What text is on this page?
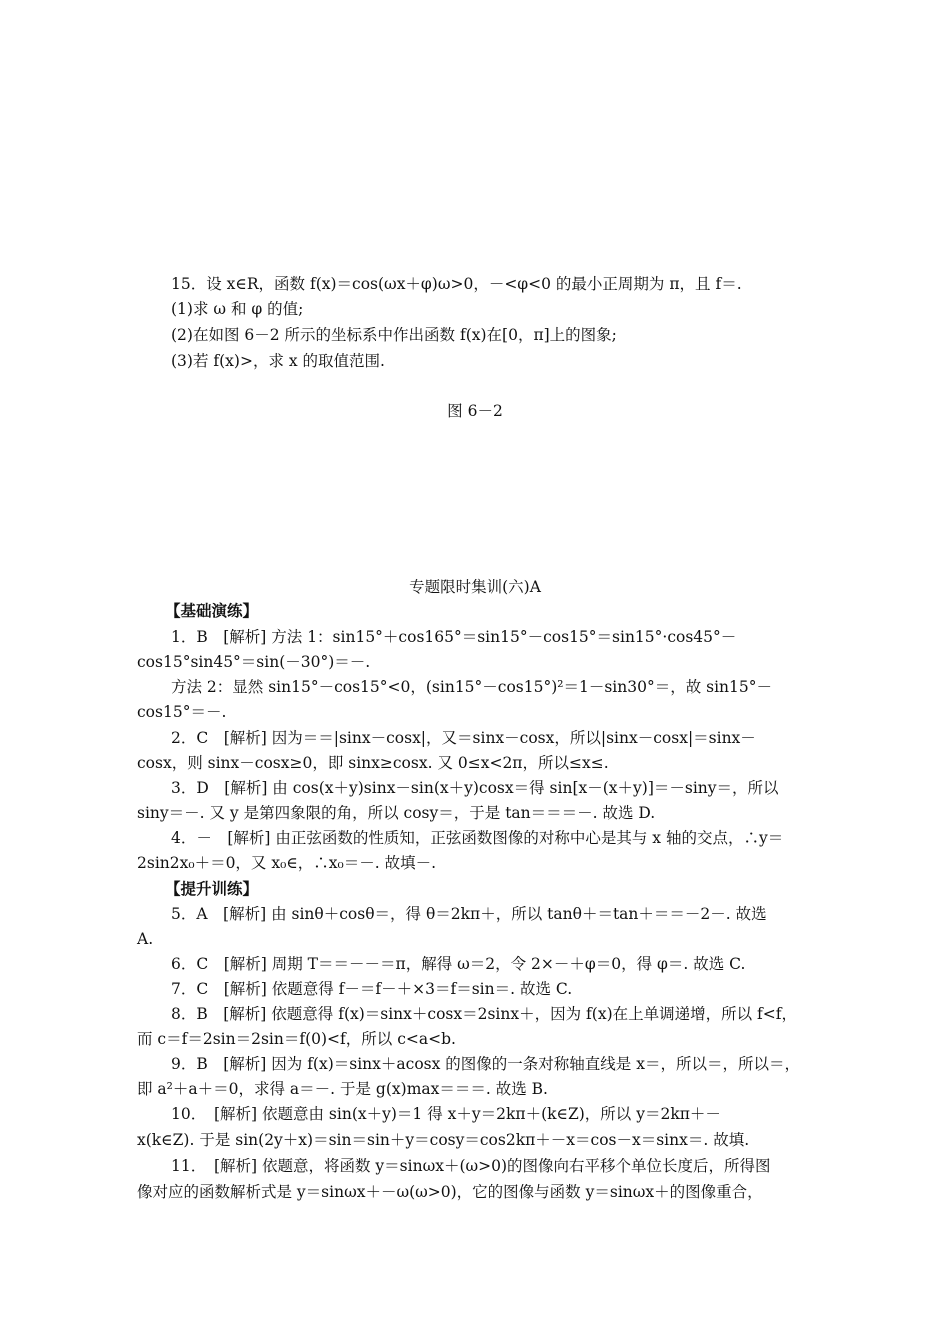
15．设 x∈R，函数 f(x)＝cos(ωx＋φ)ω>0，－<φ<0 的最小正周期为 π，且 f＝.
(1)求 ω 和 φ 的值;
(2)在如图 6－2 所示的坐标系中作出函数 f(x)在[0，π]上的图象;
(3)若 f(x)>，求 x 的取值范围.
图 6－2
专题限时集训(六)A
【基础演练】
1．B　[解析] 方法 1：sin15°＋cos165°＝sin15°－cos15°＝sin15°·cos45°－
cos15°sin45°＝sin(－30°)＝－.
方法 2：显然 sin15°－cos15°<0，(sin15°－cos15°)²＝1－sin30°＝，故 sin15°－
cos15°＝－.
2．C　[解析] 因为＝＝|sinx－cosx|，又＝sinx－cosx，所以|sinx－cosx|＝sinx－
cosx，则 sinx－cosx≥0，即 sinx≥cosx. 又 0≤x<2π，所以≤x≤.
3．D　[解析] 由 cos(x＋y)sinx－sin(x＋y)cosx＝得 sin[x－(x＋y)]＝－siny＝，所以
siny＝－. 又 y 是第四象限的角，所以 cosy＝，于是 tan＝＝＝－. 故选 D.
4．－　[解析] 由正弦函数的性质知，正弦函数图像的对称中心是其与 x 轴的交点，∴y＝
2sin2x₀＋＝0，又 x₀∈，∴x₀＝－. 故填－.
【提升训练】
5．A　[解析] 由 sinθ＋cosθ＝，得 θ＝2kπ＋，所以 tanθ＋＝tan＋＝＝－2－. 故选
A.
6．C　[解析] 周期 T＝＝－－＝π，解得 ω＝2，令 2×－＋φ＝0，得 φ＝. 故选 C.
7．C　[解析] 依题意得 f－＝f－＋×3＝f＝sin＝. 故选 C.
8．B　[解析] 依题意得 f(x)＝sinx＋cosx＝2sinx＋，因为 f(x)在上单调递增，所以 f<f，
而 c＝f＝2sin＝2sin＝f(0)<f，所以 c<a<b.
9．B　[解析] 因为 f(x)＝sinx＋acosx 的图像的一条对称轴直线是 x＝，所以＝，所以＝，
即 a²＋a＋＝0，求得 a＝－. 于是 g(x)max＝＝＝. 故选 B.
10．　[解析] 依题意由 sin(x＋y)＝1 得 x＋y＝2kπ＋(k∈Z)，所以 y＝2kπ＋－
x(k∈Z). 于是 sin(2y＋x)＝sin＝sin＋y＝cosy＝cos2kπ＋－x＝cos－x＝sinx＝. 故填.
11．　[解析] 依题意，将函数 y＝sinωx＋(ω>0)的图像向右平移个单位长度后，所得图
像对应的函数解析式是 y＝sinωx＋－ω(ω>0)，它的图像与函数 y＝sinωx＋的图像重合，
